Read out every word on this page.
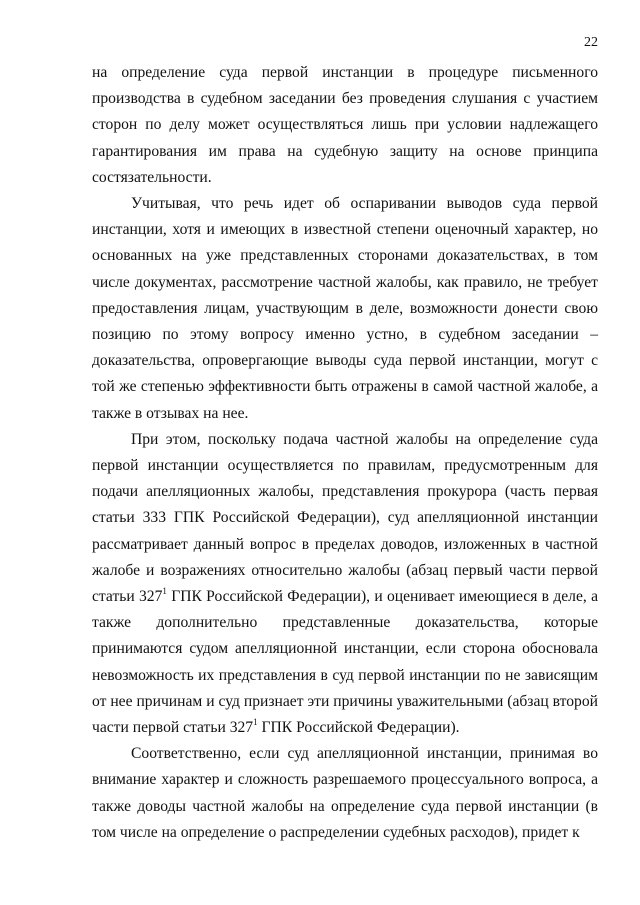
22

на определение суда первой инстанции в процедуре письменного производства в судебном заседании без проведения слушания с участием сторон по делу может осуществляться лишь при условии надлежащего гарантирования им права на судебную защиту на основе принципа состязательности.

Учитывая, что речь идет об оспаривании выводов суда первой инстанции, хотя и имеющих в известной степени оценочный характер, но основанных на уже представленных сторонами доказательствах, в том числе документах, рассмотрение частной жалобы, как правило, не требует предоставления лицам, участвующим в деле, возможности донести свою позицию по этому вопросу именно устно, в судебном заседании – доказательства, опровергающие выводы суда первой инстанции, могут с той же степенью эффективности быть отражены в самой частной жалобе, а также в отзывах на нее.

При этом, поскольку подача частной жалобы на определение суда первой инстанции осуществляется по правилам, предусмотренным для подачи апелляционных жалобы, представления прокурора (часть первая статьи 333 ГПК Российской Федерации), суд апелляционной инстанции рассматривает данный вопрос в пределах доводов, изложенных в частной жалобе и возражениях относительно жалобы (абзац первый части первой статьи 327$^1$ ГПК Российской Федерации), и оценивает имеющиеся в деле, а также дополнительно представленные доказательства, которые принимаются судом апелляционной инстанции, если сторона обосновала невозможность их представления в суд первой инстанции по не зависящим от нее причинам и суд признает эти причины уважительными (абзац второй части первой статьи 327$^1$ ГПК Российской Федерации).

Соответственно, если суд апелляционной инстанции, принимая во внимание характер и сложность разрешаемого процессуального вопроса, а также доводы частной жалобы на определение суда первой инстанции (в том числе на определение о распределении судебных расходов), придет к
